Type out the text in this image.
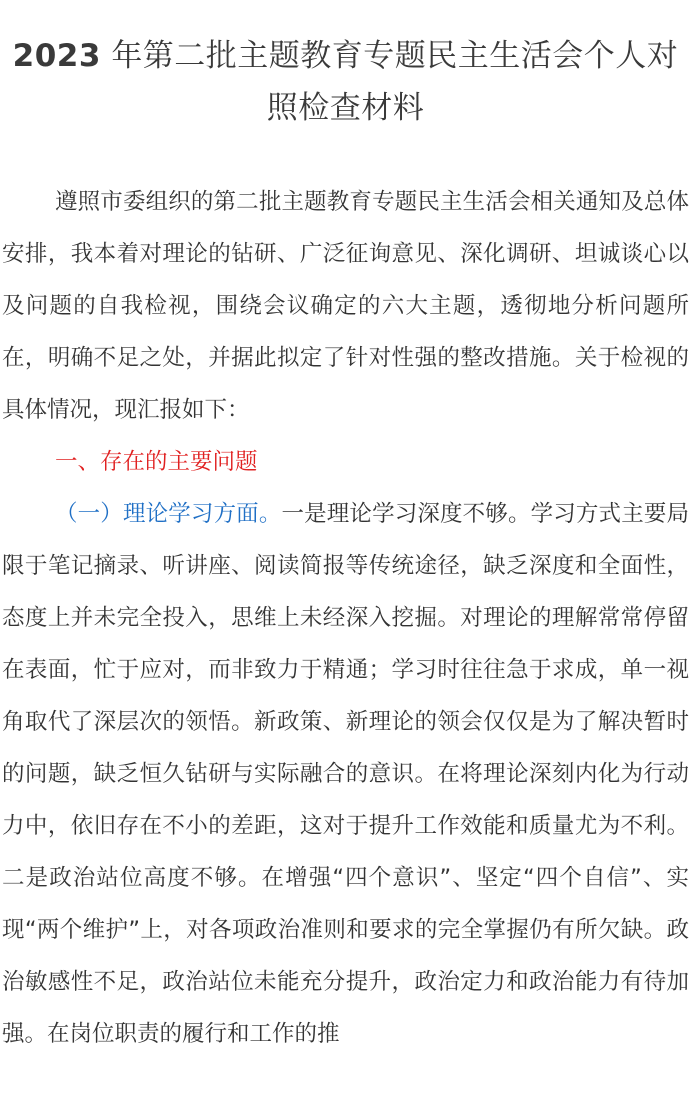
2023 年第二批主题教育专题民主生活会个人对照检查材料

遵照市委组织的第二批主题教育专题民主生活会相关通知及总体安排，我本着对理论的钻研、广泛征询意见、深化调研、坦诚谈心以及问题的自我检视，围绕会议确定的六大主题，透彻地分析问题所在，明确不足之处，并据此拟定了针对性强的整改措施。关于检视的具体情况，现汇报如下：

一、存在的主要问题

（一）理论学习方面。一是理论学习深度不够。学习方式主要局限于笔记摘录、听讲座、阅读简报等传统途径，缺乏深度和全面性，态度上并未完全投入，思维上未经深入挖掘。对理论的理解常常停留在表面，忙于应对，而非致力于精通；学习时往往急于求成，单一视角取代了深层次的领悟。新政策、新理论的领会仅仅是为了解决暂时的问题，缺乏恒久钻研与实际融合的意识。在将理论深刻内化为行动力中，依旧存在不小的差距，这对于提升工作效能和质量尤为不利。二是政治站位高度不够。在增强“四个意识”、坚定“四个自信”、实现“两个维护”上，对各项政治准则和要求的完全掌握仍有所欠缺。政治敏感性不足，政治站位未能充分提升，政治定力和政治能力有待加强。在岗位职责的履行和工作的推
